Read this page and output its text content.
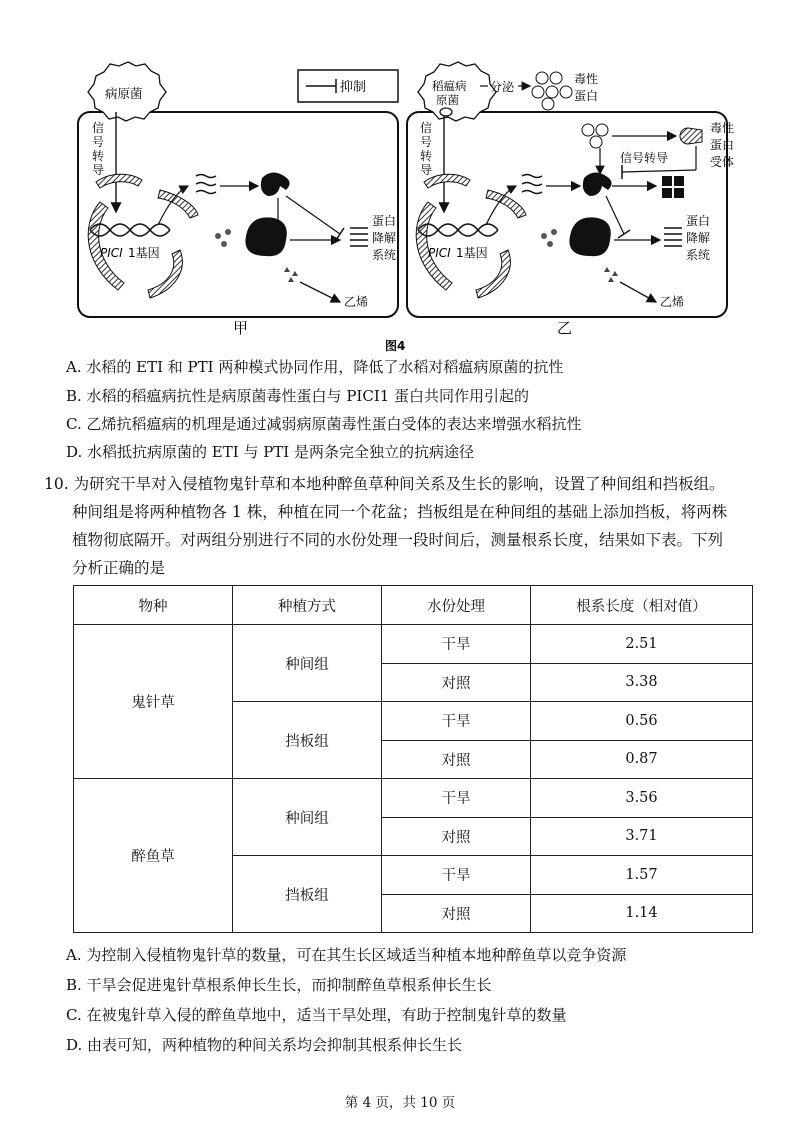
抑制
病原菌
信
号
转
导
PICI 1基因
蛋白
降解
系统
乙烯
甲
稻瘟病
原菌
分泌
毒性
蛋白
毒性
蛋白
受体
信号转导
信
号
转
导
PICI 1基因
蛋白
降解
系统
乙烯
乙
图4
A. 水稻的 ETI 和 PTI 两种模式协同作用，降低了水稻对稻瘟病原菌的抗性
B. 水稻的稻瘟病抗性是病原菌毒性蛋白与 PICI1 蛋白共同作用引起的
C. 乙烯抗稻瘟病的机理是通过减弱病原菌毒性蛋白受体的表达来增强水稻抗性
D. 水稻抵抗病原菌的 ETI 与 PTI 是两条完全独立的抗病途径
10. 为研究干旱对入侵植物鬼针草和本地种醉鱼草种间关系及生长的影响，设置了种间组和挡板组。
种间组是将两种植物各 1 株，种植在同一个花盆；挡板组是在种间组的基础上添加挡板，将两株
植物彻底隔开。对两组分别进行不同的水份处理一段时间后，测量根系长度，结果如下表。下列
分析正确的是
物种	种植方式	水份处理	根系长度（相对值）
鬼针草	种间组	干旱	2.51
		对照	3.38
	挡板组	干旱	0.56
		对照	0.87
醉鱼草	种间组	干旱	3.56
		对照	3.71
	挡板组	干旱	1.57
		对照	1.14
A. 为控制入侵植物鬼针草的数量，可在其生长区域适当种植本地种醉鱼草以竞争资源
B. 干旱会促进鬼针草根系伸长生长，而抑制醉鱼草根系伸长生长
C. 在被鬼针草入侵的醉鱼草地中，适当干旱处理，有助于控制鬼针草的数量
D. 由表可知，两种植物的种间关系均会抑制其根系伸长生长
第 4 页，共 10 页
